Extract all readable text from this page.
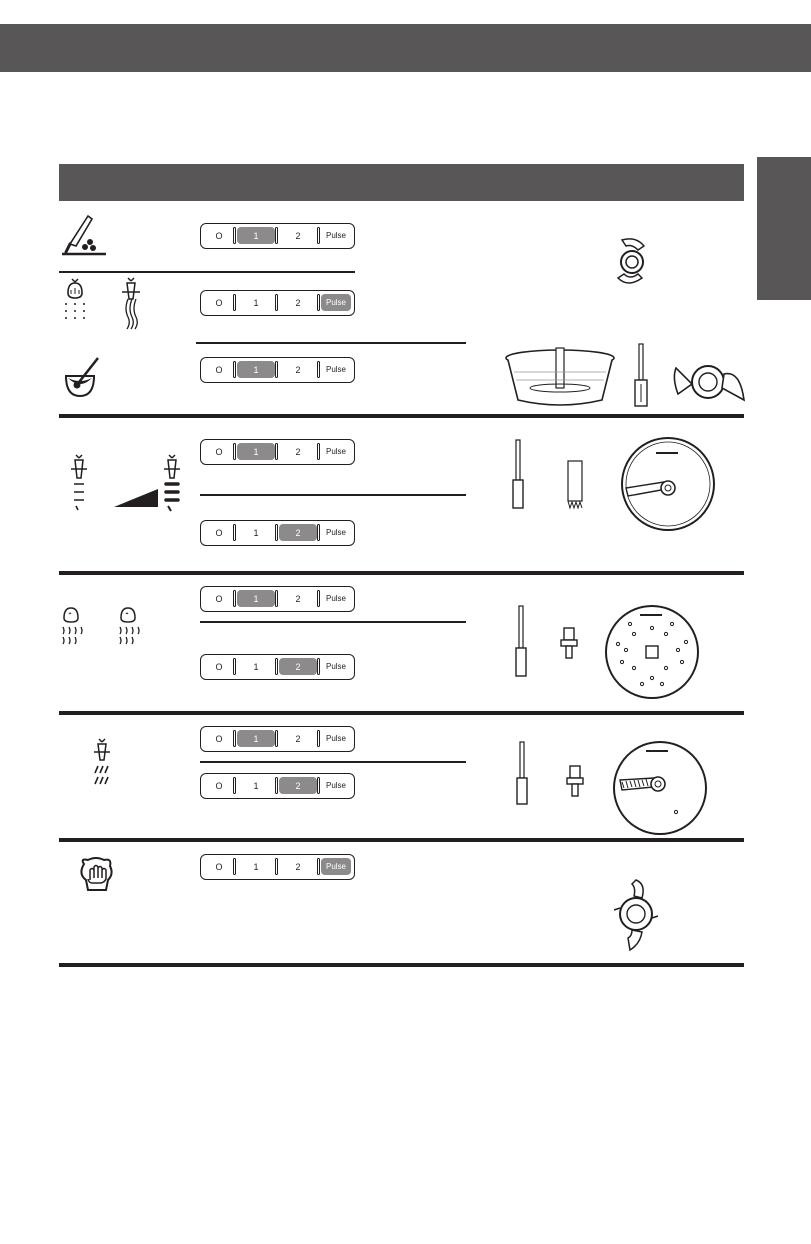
O	1	2	Pulse
O	1	2	Pulse
O	1	2	Pulse
O	1	2	Pulse
O	1	2	Pulse
O	1	2	Pulse
O	1	2	Pulse
O	1	2	Pulse
O	1	2	Pulse
O	1	2	Pulse
